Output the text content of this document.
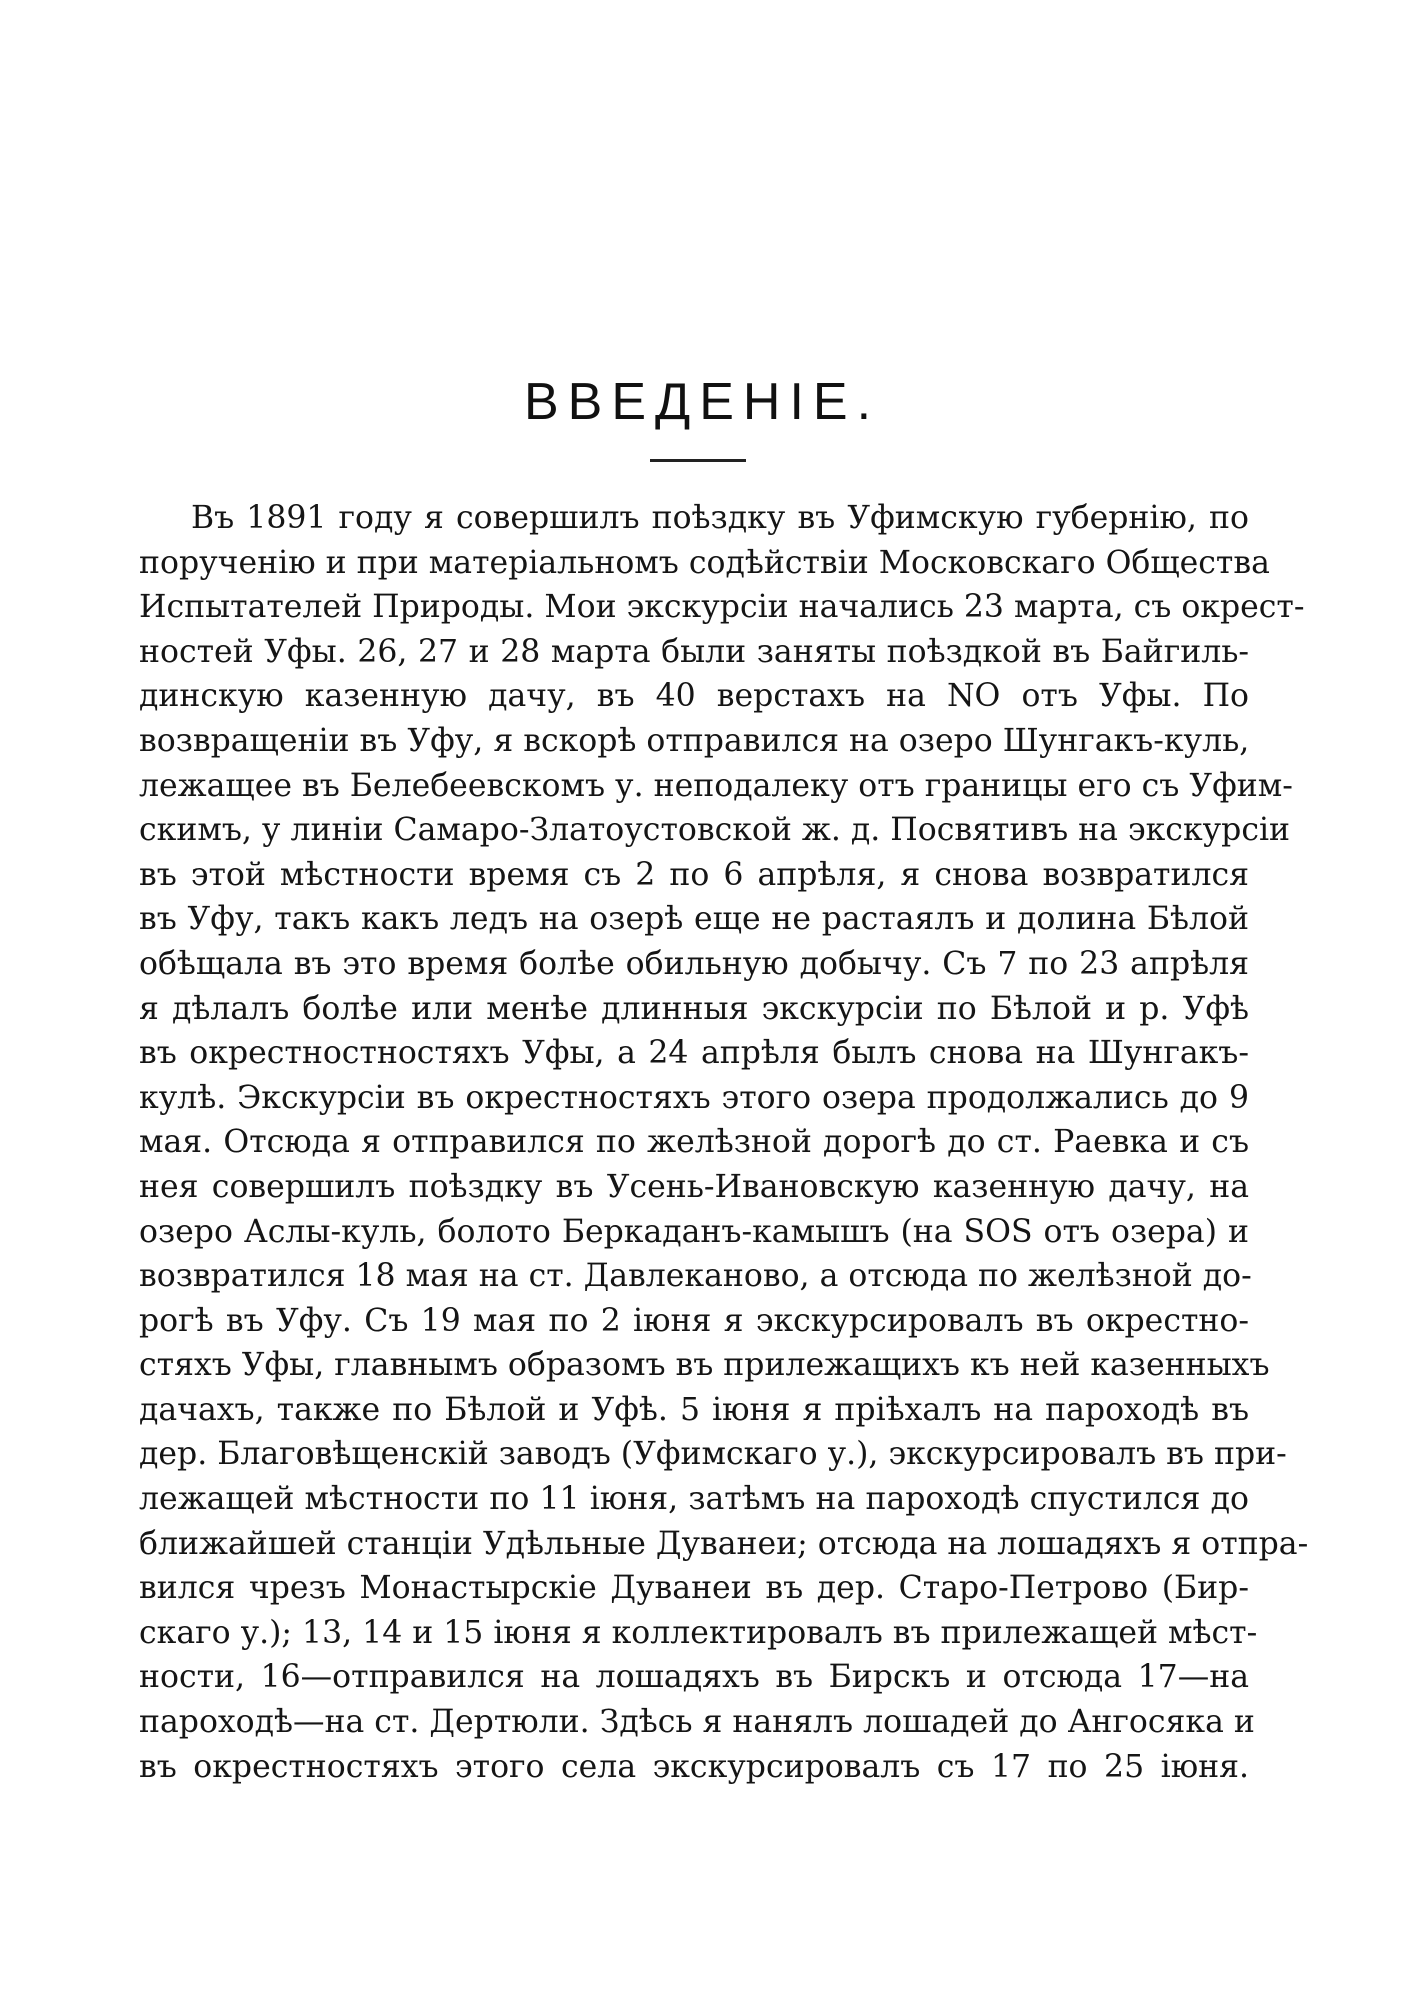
ВВЕДЕНІЕ.
Въ 1891 году я совершилъ поѣздку въ Уфимскую губернію, по
порученію и при матеріальномъ содѣйствіи Московскаго Общества
Испытателей Природы. Мои экскурсіи начались 23 марта, съ окрест-
ностей Уфы. 26, 27 и 28 марта были заняты поѣздкой въ Байгиль-
динскую казенную дачу, въ 40 верстахъ на NO отъ Уфы. По
возвращеніи въ Уфу, я вскорѣ отправился на озеро Шунгакъ-куль,
лежащее въ Белебеевскомъ у. неподалеку отъ границы его съ Уфим-
скимъ, у линіи Самаро-Златоустовской ж. д. Посвятивъ на экскурсіи
въ этой мѣстности время съ 2 по 6 апрѣля, я снова возвратился
въ Уфу, такъ какъ ледъ на озерѣ еще не растаялъ и долина Бѣлой
обѣщала въ это время болѣе обильную добычу. Съ 7 по 23 апрѣля
я дѣлалъ болѣе или менѣе длинныя экскурсіи по Бѣлой и р. Уфѣ
въ окрестностностяхъ Уфы, а 24 апрѣля былъ снова на Шунгакъ-
кулѣ. Экскурсіи въ окрестностяхъ этого озера продолжались до 9
мая. Отсюда я отправился по желѣзной дорогѣ до ст. Раевка и съ
нея совершилъ поѣздку въ Усень-Ивановскую казенную дачу, на
озеро Аслы-куль, болото Беркаданъ-камышъ (на SOS отъ озера) и
возвратился 18 мая на ст. Давлеканово, а отсюда по желѣзной до-
рогѣ въ Уфу. Съ 19 мая по 2 іюня я экскурсировалъ въ окрестно-
стяхъ Уфы, главнымъ образомъ въ прилежащихъ къ ней казенныхъ
дачахъ, также по Бѣлой и Уфѣ. 5 іюня я пріѣхалъ на пароходѣ въ
дер. Благовѣщенскій заводъ (Уфимскаго у.), экскурсировалъ въ при-
лежащей мѣстности по 11 іюня, затѣмъ на пароходѣ спустился до
ближайшей станціи Удѣльные Дуванеи; отсюда на лошадяхъ я отпра-
вился чрезъ Монастырскіе Дуванеи въ дер. Старо-Петрово (Бир-
скаго у.); 13, 14 и 15 іюня я коллектировалъ въ прилежащей мѣст-
ности, 16—отправился на лошадяхъ въ Бирскъ и отсюда 17—на
пароходѣ—на ст. Дертюли. Здѣсь я нанялъ лошадей до Ангосяка и
въ окрестностяхъ этого села экскурсировалъ съ 17 по 25 іюня.
